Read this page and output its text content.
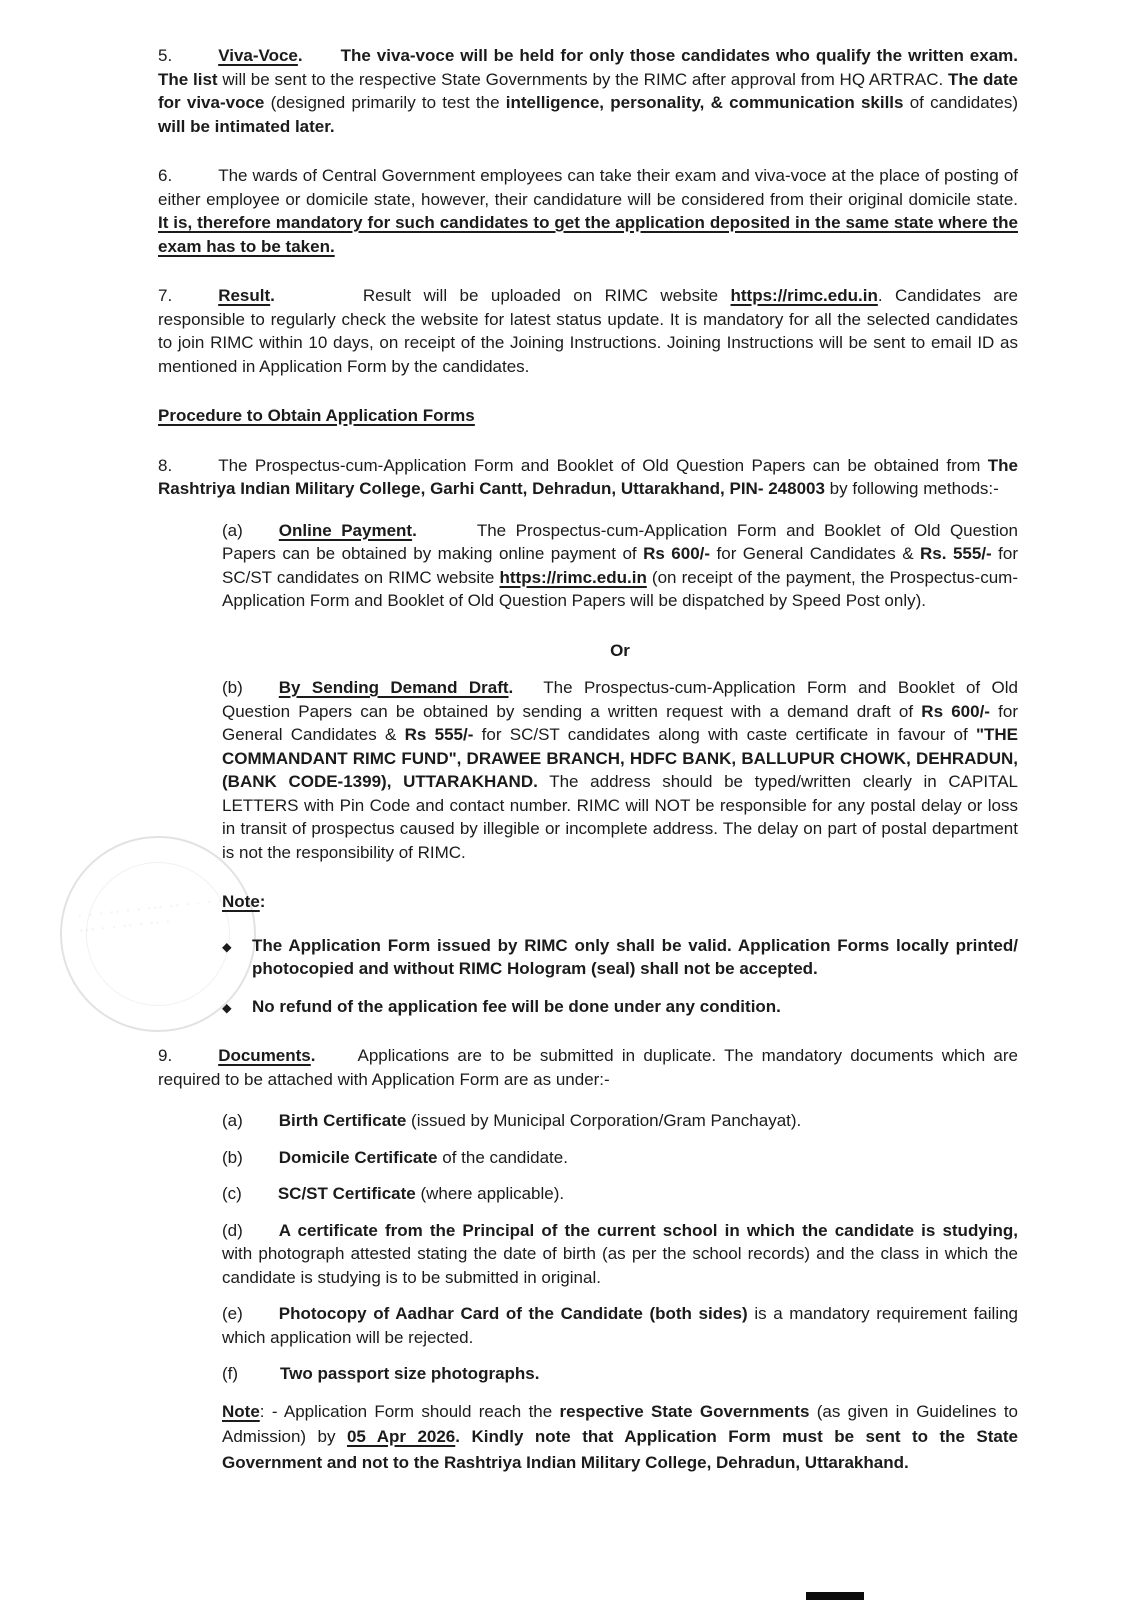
· · · ·· · · ··· ·· · · · · ··· · · ·· · ·· ·

5.	Viva-Voce. The viva-voce will be held for only those candidates who qualify the written exam. The list will be sent to the respective State Governments by the RIMC after approval from HQ ARTRAC. The date for viva-voce (designed primarily to test the intelligence, personality, & communication skills of candidates) will be intimated later.

6.	The wards of Central Government employees can take their exam and viva-voce at the place of posting of either employee or domicile state, however, their candidature will be considered from their original domicile state. It is, therefore mandatory for such candidates to get the application deposited in the same state where the exam has to be taken.

7.	Result.	Result will be uploaded on RIMC website https://rimc.edu.in. Candidates are responsible to regularly check the website for latest status update. It is mandatory for all the selected candidates to join RIMC within 10 days, on receipt of the Joining Instructions. Joining Instructions will be sent to email ID as mentioned in Application Form by the candidates.

Procedure to Obtain Application Forms

8.	The Prospectus-cum-Application Form and Booklet of Old Question Papers can be obtained from The Rashtriya Indian Military College, Garhi Cantt, Dehradun, Uttarakhand, PIN- 248003 by following methods:-

(a) Online Payment.	The Prospectus-cum-Application Form and Booklet of Old Question Papers can be obtained by making online payment of Rs 600/- for General Candidates & Rs. 555/- for SC/ST candidates on RIMC website https://rimc.edu.in (on receipt of the payment, the Prospectus-cum-Application Form and Booklet of Old Question Papers will be dispatched by Speed Post only).

Or

(b) By Sending Demand Draft. The Prospectus-cum-Application Form and Booklet of Old Question Papers can be obtained by sending a written request with a demand draft of Rs 600/- for General Candidates & Rs 555/- for SC/ST candidates along with caste certificate in favour of "THE COMMANDANT RIMC FUND", DRAWEE BRANCH, HDFC BANK, BALLUPUR CHOWK, DEHRADUN, (BANK CODE-1399), UTTARAKHAND. The address should be typed/written clearly in CAPITAL LETTERS with Pin Code and contact number. RIMC will NOT be responsible for any postal delay or loss in transit of prospectus caused by illegible or incomplete address. The delay on part of postal department is not the responsibility of RIMC.

Note:

◆	The Application Form issued by RIMC only shall be valid. Application Forms locally printed/ photocopied and without RIMC Hologram (seal) shall not be accepted.
◆	No refund of the application fee will be done under any condition.

9.	Documents. Applications are to be submitted in duplicate. The mandatory documents which are required to be attached with Application Form are as under:-

(a) Birth Certificate (issued by Municipal Corporation/Gram Panchayat).

(b) Domicile Certificate of the candidate.

(c) SC/ST Certificate (where applicable).

(d) A certificate from the Principal of the current school in which the candidate is studying, with photograph attested stating the date of birth (as per the school records) and the class in which the candidate is studying is to be submitted in original.

(e) Photocopy of Aadhar Card of the Candidate (both sides) is a mandatory requirement failing which application will be rejected.

(f) Two passport size photographs.

Note: - Application Form should reach the respective State Governments (as given in Guidelines to Admission) by 05 Apr 2026. Kindly note that Application Form must be sent to the State Government and not to the Rashtriya Indian Military College, Dehradun, Uttarakhand.
